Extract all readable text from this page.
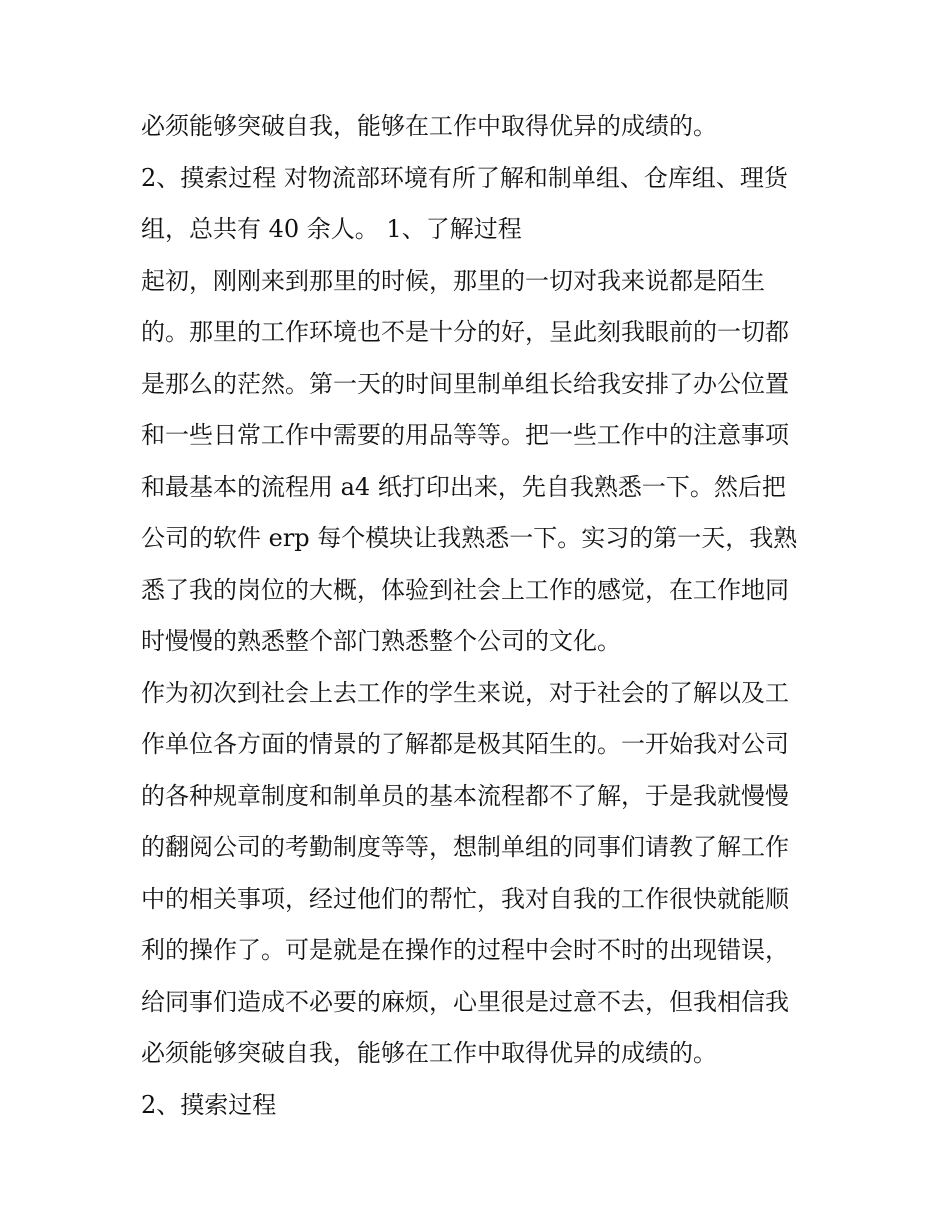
必须能够突破自我，能够在工作中取得优异的成绩的。

2、摸索过程 对物流部环境有所了解和制单组、仓库组、理货
组，总共有 40 余人。 1、了解过程

起初，刚刚来到那里的时候，那里的一切对我来说都是陌生
的。那里的工作环境也不是十分的好，呈此刻我眼前的一切都
是那么的茫然。第一天的时间里制单组长给我安排了办公位置
和一些日常工作中需要的用品等等。把一些工作中的注意事项
和最基本的流程用 a4 纸打印出来，先自我熟悉一下。然后把
公司的软件 erp 每个模块让我熟悉一下。实习的第一天，我熟
悉了我的岗位的大概，体验到社会上工作的感觉，在工作地同
时慢慢的熟悉整个部门熟悉整个公司的文化。

作为初次到社会上去工作的学生来说，对于社会的了解以及工
作单位各方面的情景的了解都是极其陌生的。一开始我对公司
的各种规章制度和制单员的基本流程都不了解，于是我就慢慢
的翻阅公司的考勤制度等等，想制单组的同事们请教了解工作
中的相关事项，经过他们的帮忙，我对自我的工作很快就能顺
利的操作了。可是就是在操作的过程中会时不时的出现错误，
给同事们造成不必要的麻烦，心里很是过意不去，但我相信我
必须能够突破自我，能够在工作中取得优异的成绩的。

2、摸索过程
